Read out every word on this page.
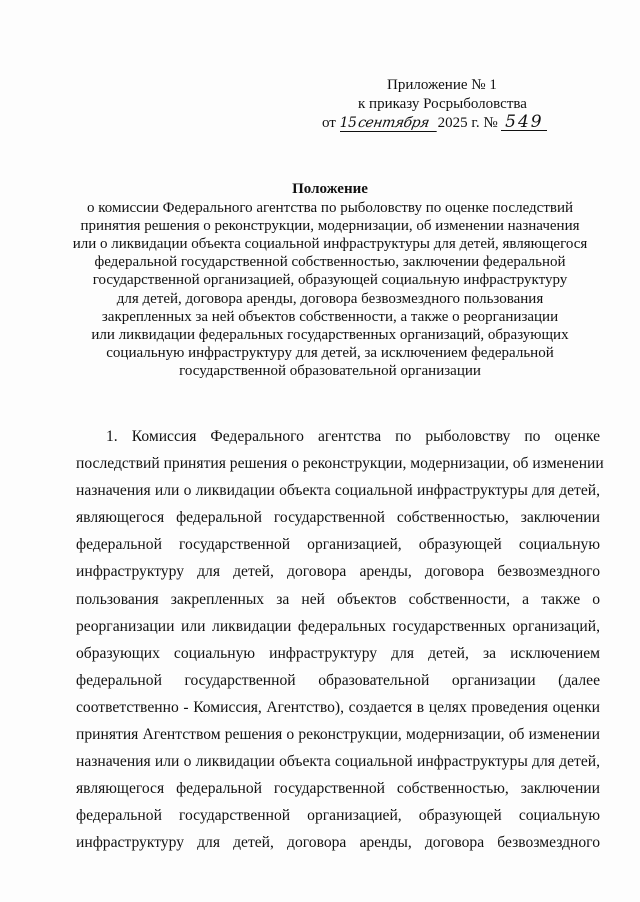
Приложение № 1
к приказу Росрыболовства
от 15сентября 2025 г. № 549
Положение
о комиссии Федерального агентства по рыболовству по оценке последствий
принятия решения о реконструкции, модернизации, об изменении назначения
или о ликвидации объекта социальной инфраструктуры для детей, являющегося
федеральной государственной собственностью, заключении федеральной
государственной организацией, образующей социальную инфраструктуру
для детей, договора аренды, договора безвозмездного пользования
закрепленных за ней объектов собственности, а также о реорганизации
или ликвидации федеральных государственных организаций, образующих
социальную инфраструктуру для детей, за исключением федеральной
государственной образовательной организации
1. Комиссия Федерального агентства по рыболовству по оценке
последствий принятия решения о реконструкции, модернизации, об изменении
назначения или о ликвидации объекта социальной инфраструктуры для детей,
являющегося федеральной государственной собственностью, заключении
федеральной государственной организацией, образующей социальную
инфраструктуру для детей, договора аренды, договора безвозмездного
пользования закрепленных за ней объектов собственности, а также о
реорганизации или ликвидации федеральных государственных организаций,
образующих социальную инфраструктуру для детей, за исключением
федеральной государственной образовательной организации (далее
соответственно - Комиссия, Агентство), создается в целях проведения оценки
принятия Агентством решения о реконструкции, модернизации, об изменении
назначения или о ликвидации объекта социальной инфраструктуры для детей,
являющегося федеральной государственной собственностью, заключении
федеральной государственной организацией, образующей социальную
инфраструктуру для детей, договора аренды, договора безвозмездного
